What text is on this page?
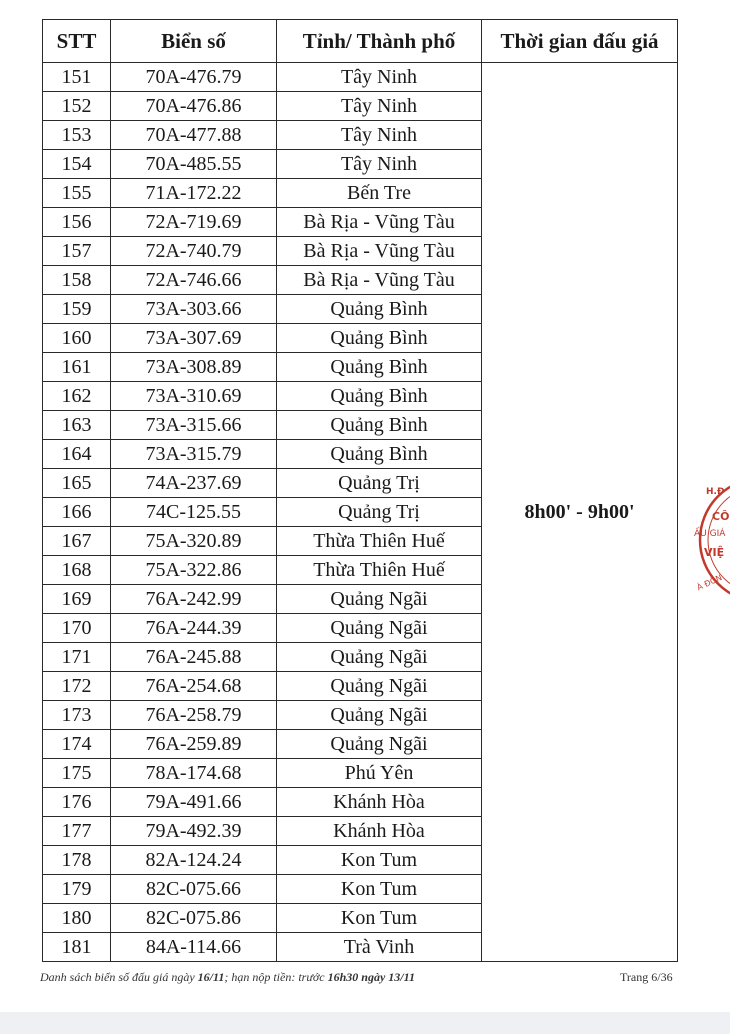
STT	Biển số	Tỉnh/ Thành phố	Thời gian đấu giá
151	70A-476.79	Tây Ninh	8h00' - 9h00'
152	70A-476.86	Tây Ninh	
153	70A-477.88	Tây Ninh	
154	70A-485.55	Tây Ninh	
155	71A-172.22	Bến Tre	
156	72A-719.69	Bà Rịa - Vũng Tàu	
157	72A-740.79	Bà Rịa - Vũng Tàu	
158	72A-746.66	Bà Rịa - Vũng Tàu	
159	73A-303.66	Quảng Bình	
160	73A-307.69	Quảng Bình	
161	73A-308.89	Quảng Bình	
162	73A-310.69	Quảng Bình	
163	73A-315.66	Quảng Bình	
164	73A-315.79	Quảng Bình	
165	74A-237.69	Quảng Trị	
166	74C-125.55	Quảng Trị	
167	75A-320.89	Thừa Thiên Huế	
168	75A-322.86	Thừa Thiên Huế	
169	76A-242.99	Quảng Ngãi	
170	76A-244.39	Quảng Ngãi	
171	76A-245.88	Quảng Ngãi	
172	76A-254.68	Quảng Ngãi	
173	76A-258.79	Quảng Ngãi	
174	76A-259.89	Quảng Ngãi	
175	78A-174.68	Phú Yên	
176	79A-491.66	Khánh Hòa	
177	79A-492.39	Khánh Hòa	
178	82A-124.24	Kon Tum	
179	82C-075.66	Kon Tum	
180	82C-075.86	Kon Tum	
181	84A-114.66	Trà Vinh	
Danh sách biển số đấu giá ngày 16/11; hạn nộp tiền: trước 16h30 ngày 13/11	Trang 6/36
H.Đ
CÔ
ẤU GIÁ
VIỆ
À ĐÔN
